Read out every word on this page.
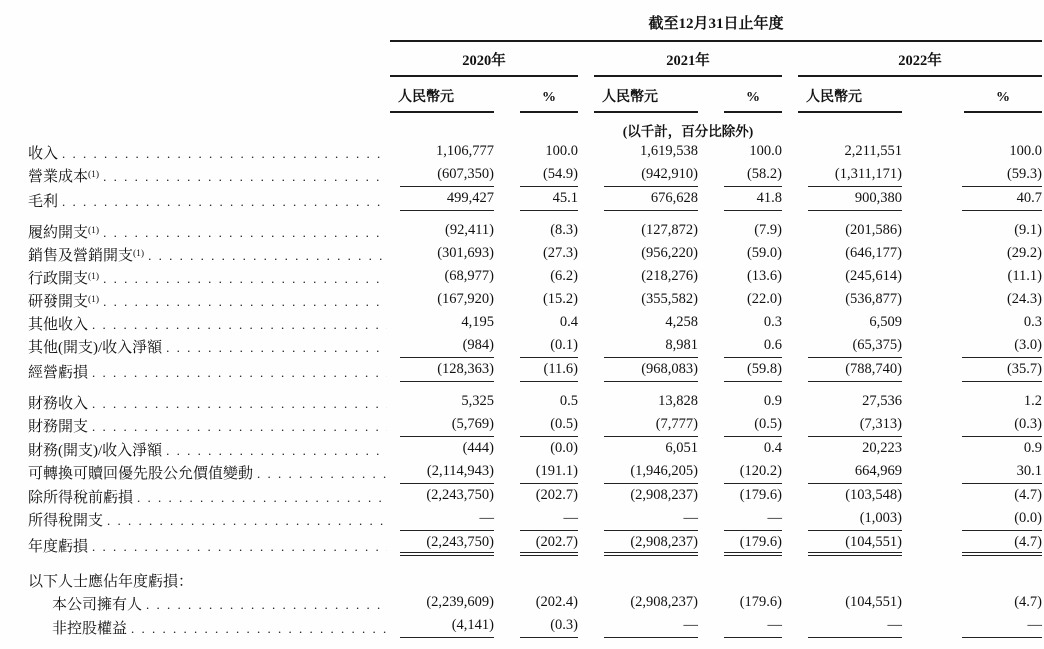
	截至12月31日止年度							

	2020年			2021年			2022年	

	人民幣元	%		人民幣元	%		人民幣元	%

				(以千計，百分比除外)				

收入
. . .	1,106,777	100.0		1,619,538	100.0		2,211,551	100.0

營業成本$^{(1)}$
. . .	(607,350)	(54.9)		(942,910)	(58.2)		(1,311,171)	(59.3)

毛利
. . .	499,427	45.1		676,628	41.8		900,380	40.7

履約開支$^{(1)}$
. . .	(92,411)	(8.3)		(127,872)	(7.9)		(201,586)	(9.1)

銷售及營銷開支$^{(1)}$
. . .	(301,693)	(27.3)		(956,220)	(59.0)		(646,177)	(29.2)

行政開支$^{(1)}$
. . .	(68,977)	(6.2)		(218,276)	(13.6)		(245,614)	(11.1)

研發開支$^{(1)}$
. . .	(167,920)	(15.2)		(355,582)	(22.0)		(536,877)	(24.3)

其他收入
. . .	4,195	0.4		4,258	0.3		6,509	0.3

其他(開支)/收入淨額
. . .	(984)	(0.1)		8,981	0.6		(65,375)	(3.0)

經營虧損
. . .	(128,363)	(11.6)		(968,083)	(59.8)		(788,740)	(35.7)

財務收入
. . .	5,325	0.5		13,828	0.9		27,536	1.2

財務開支
. . .	(5,769)	(0.5)		(7,777)	(0.5)		(7,313)	(0.3)

財務(開支)/收入淨額
. . .	(444)	(0.0)		6,051	0.4		20,223	0.9

可轉換可贖回優先股公允價值變動
. . .	(2,114,943)	(191.1)		(1,946,205)	(120.2)		664,969	30.1

除所得稅前虧損
. . .	(2,243,750)	(202.7)		(2,908,237)	(179.6)		(103,548)	(4.7)

所得稅開支
. . .	—	—		—	—		(1,003)	(0.0)

年度虧損
. . .	(2,243,750)	(202.7)		(2,908,237)	(179.6)		(104,551)	(4.7)

以下人士應佔年度虧損：								

本公司擁有人
. . .	(2,239,609)	(202.4)		(2,908,237)	(179.6)		(104,551)	(4.7)

非控股權益
. . .	(4,141)	(0.3)		—	—		—	—
